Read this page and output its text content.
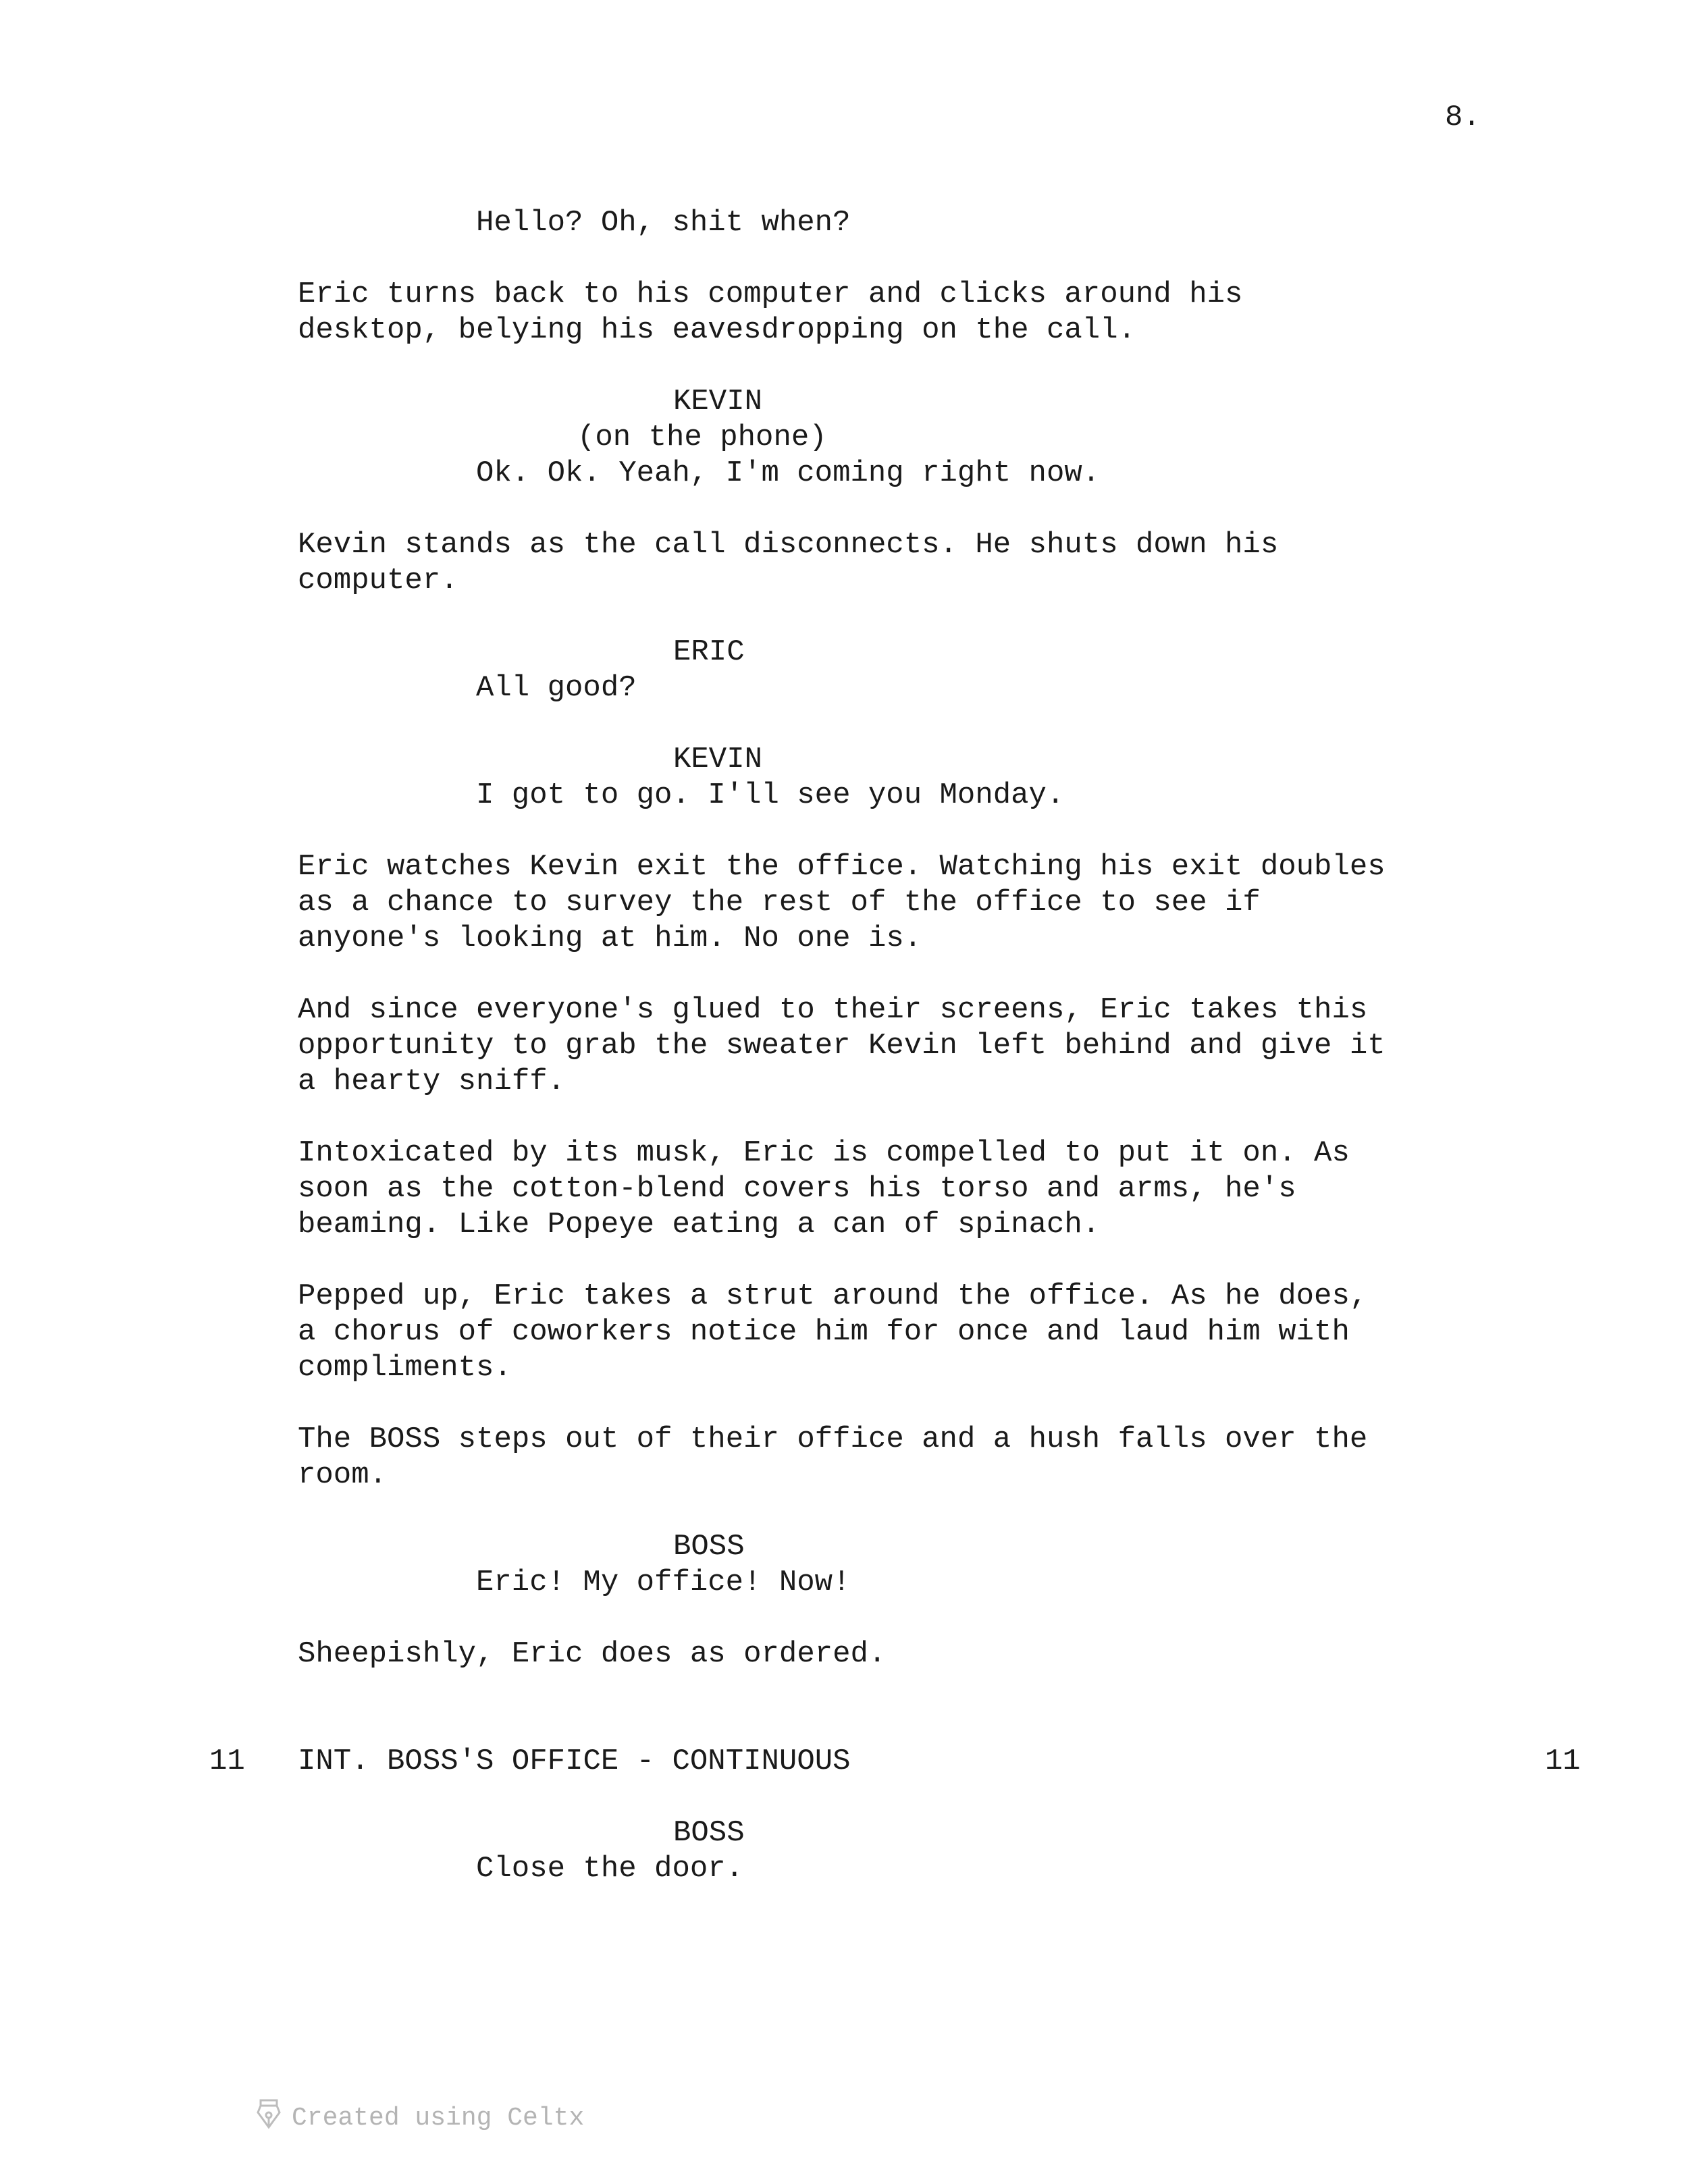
8.
Hello? Oh, shit when?
Eric turns back to his computer and clicks around his
desktop, belying his eavesdropping on the call.
KEVIN
(on the phone)
Ok. Ok. Yeah, I'm coming right now.
Kevin stands as the call disconnects. He shuts down his
computer.
ERIC
All good?
KEVIN
I got to go. I'll see you Monday.
Eric watches Kevin exit the office. Watching his exit doubles
as a chance to survey the rest of the office to see if
anyone's looking at him. No one is.
And since everyone's glued to their screens, Eric takes this
opportunity to grab the sweater Kevin left behind and give it
a hearty sniff.
Intoxicated by its musk, Eric is compelled to put it on. As
soon as the cotton-blend covers his torso and arms, he's
beaming. Like Popeye eating a can of spinach.
Pepped up, Eric takes a strut around the office. As he does,
a chorus of coworkers notice him for once and laud him with
compliments.
The BOSS steps out of their office and a hush falls over the
room.
BOSS
Eric! My office! Now!
Sheepishly, Eric does as ordered.
11 INT. BOSS'S OFFICE - CONTINUOUS	11
BOSS
Close the door.
Created using Celtx
